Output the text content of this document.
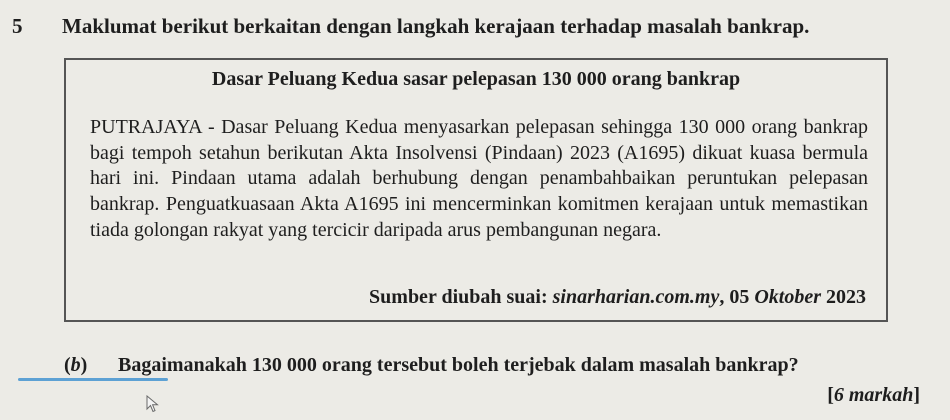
5 Maklumat berikut berkaitan dengan langkah kerajaan terhadap masalah bankrap.
Dasar Peluang Kedua sasar pelepasan 130 000 orang bankrap
PUTRAJAYA - Dasar Peluang Kedua menyasarkan pelepasan sehingga 130 000 orang bankrap bagi tempoh setahun berikutan Akta Insolvensi (Pindaan) 2023 (A1695) dikuat kuasa bermula hari ini. Pindaan utama adalah berhubung dengan penambahbaikan peruntukan pelepasan bankrap. Penguatkuasaan Akta A1695 ini mencerminkan komitmen kerajaan untuk memastikan tiada golongan rakyat yang tercicir daripada arus pembangunan negara.
Sumber diubah suai: sinarharian.com.my, 05 Oktober 2023
(b) Bagaimanakah 130 000 orang tersebut boleh terjebak dalam masalah bankrap?
[6 markah]
